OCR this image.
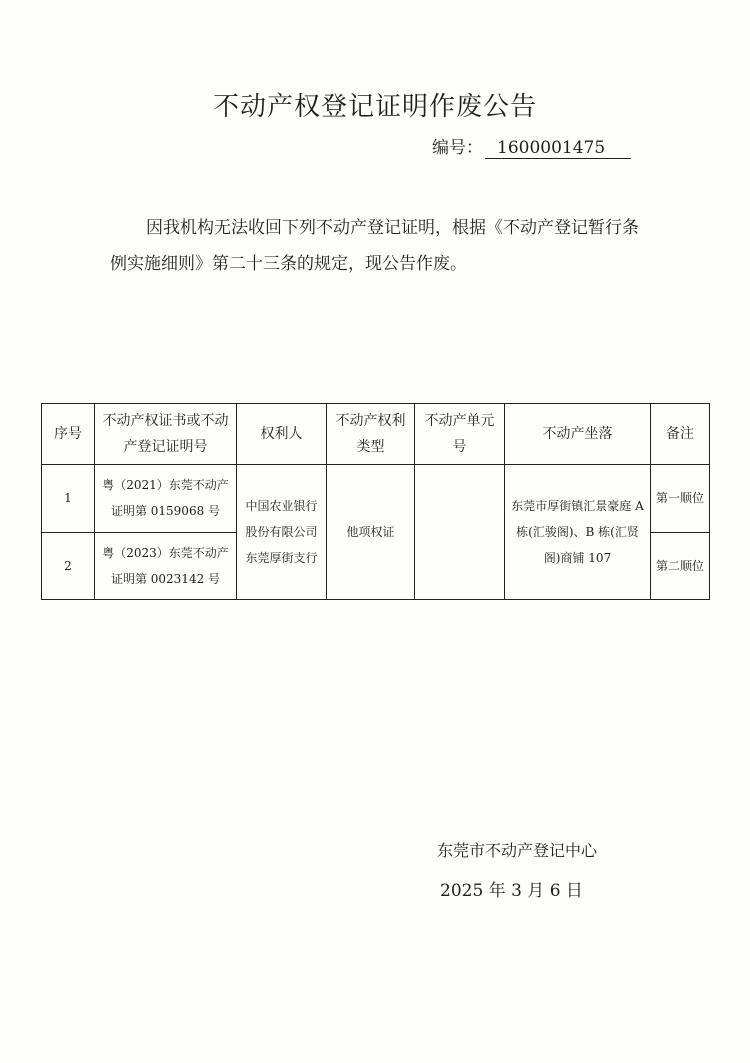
不动产权登记证明作废公告
编号： 1600001475
因我机构无法收回下列不动产登记证明，根据《不动产登记暂行条例实施细则》第二十三条的规定，现公告作废。
序号	不动产权证书或不动产登记证明号	权利人	不动产权利类型	不动产单元号	不动产坐落	备注
1	粤（2021）东莞不动产证明第 0159068 号	中国农业银行股份有限公司东莞厚街支行	他项权证		东莞市厚街镇汇景豪庭 A 栋(汇骏阁)、B 栋(汇贤阁)商铺 107	第一顺位
2	粤（2023）东莞不动产证明第 0023142 号					第二顺位
东莞市不动产登记中心
2025 年 3 月 6 日
